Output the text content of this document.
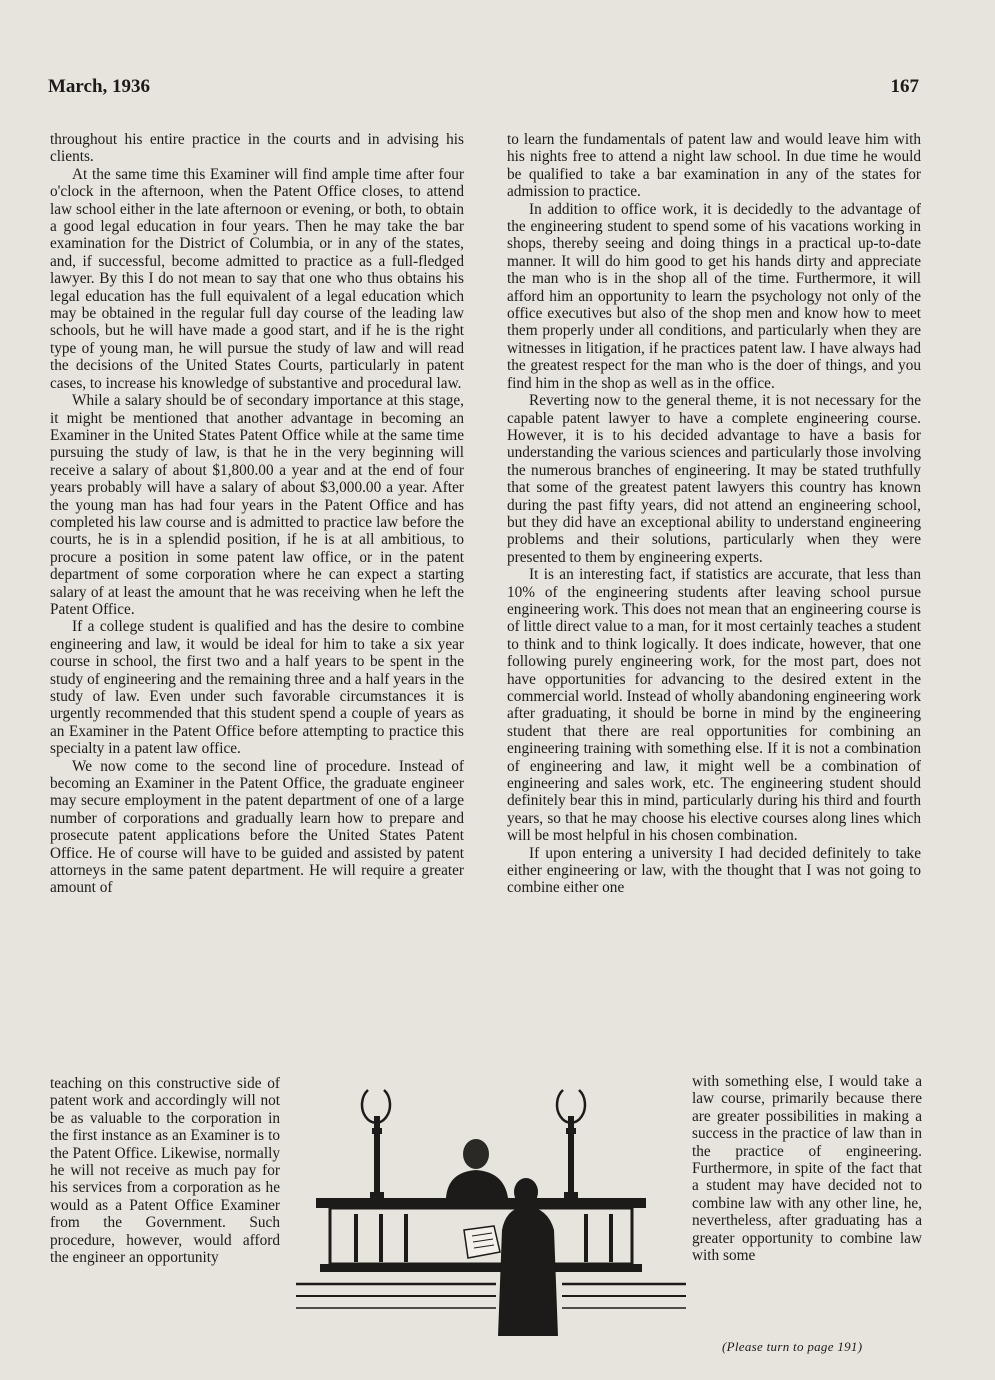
March, 1936	167

throughout his entire practice in the courts and in advising his clients.

At the same time this Examiner will find ample time after four o'clock in the afternoon, when the Patent Office closes, to attend law school either in the late afternoon or evening, or both, to obtain a good legal education in four years. Then he may take the bar examination for the District of Columbia, or in any of the states, and, if successful, become admitted to practice as a full-fledged lawyer. By this I do not mean to say that one who thus obtains his legal education has the full equivalent of a legal education which may be obtained in the regular full day course of the leading law schools, but he will have made a good start, and if he is the right type of young man, he will pursue the study of law and will read the decisions of the United States Courts, particularly in patent cases, to increase his knowledge of substantive and procedural law.

While a salary should be of secondary importance at this stage, it might be mentioned that another advantage in becoming an Examiner in the United States Patent Office while at the same time pursuing the study of law, is that he in the very beginning will receive a salary of about $1,800.00 a year and at the end of four years probably will have a salary of about $3,000.00 a year. After the young man has had four years in the Patent Office and has completed his law course and is admitted to practice law before the courts, he is in a splendid position, if he is at all ambitious, to procure a position in some patent law office, or in the patent department of some corporation where he can expect a starting salary of at least the amount that he was receiving when he left the Patent Office.

If a college student is qualified and has the desire to combine engineering and law, it would be ideal for him to take a six year course in school, the first two and a half years to be spent in the study of engineering and the remaining three and a half years in the study of law. Even under such favorable circumstances it is urgently recommended that this student spend a couple of years as an Examiner in the Patent Office before attempting to practice this specialty in a patent law office.

We now come to the second line of procedure. Instead of becoming an Examiner in the Patent Office, the graduate engineer may secure employment in the patent department of one of a large number of corporations and gradually learn how to prepare and prosecute patent applications before the United States Patent Office. He of course will have to be guided and assisted by patent attorneys in the same patent department. He will require a greater amount of

teaching on this constructive side of patent work and accordingly will not be as valuable to the corporation in the first instance as an Examiner is to the Patent Office. Likewise, normally he will not receive as much pay for his services from a corporation as he would as a Patent Office Examiner from the Government. Such procedure, however, would afford the engineer an opportunity

to learn the fundamentals of patent law and would leave him with his nights free to attend a night law school. In due time he would be qualified to take a bar examination in any of the states for admission to practice.

In addition to office work, it is decidedly to the advantage of the engineering student to spend some of his vacations working in shops, thereby seeing and doing things in a practical up-to-date manner. It will do him good to get his hands dirty and appreciate the man who is in the shop all of the time. Furthermore, it will afford him an opportunity to learn the psychology not only of the office executives but also of the shop men and know how to meet them properly under all conditions, and particularly when they are witnesses in litigation, if he practices patent law. I have always had the greatest respect for the man who is the doer of things, and you find him in the shop as well as in the office.

Reverting now to the general theme, it is not necessary for the capable patent lawyer to have a complete engineering course. However, it is to his decided advantage to have a basis for understanding the various sciences and particularly those involving the numerous branches of engineering. It may be stated truthfully that some of the greatest patent lawyers this country has known during the past fifty years, did not attend an engineering school, but they did have an exceptional ability to understand engineering problems and their solutions, particularly when they were presented to them by engineering experts.

It is an interesting fact, if statistics are accurate, that less than 10% of the engineering students after leaving school pursue engineering work. This does not mean that an engineering course is of little direct value to a man, for it most certainly teaches a student to think and to think logically. It does indicate, however, that one following purely engineering work, for the most part, does not have opportunities for advancing to the desired extent in the commercial world. Instead of wholly abandoning engineering work after graduating, it should be borne in mind by the engineering student that there are real opportunities for combining an engineering training with something else. If it is not a combination of engineering and law, it might well be a combination of engineering and sales work, etc. The engineering student should definitely bear this in mind, particularly during his third and fourth years, so that he may choose his elective courses along lines which will be most helpful in his chosen combination.

If upon entering a university I had decided definitely to take either engineering or law, with the thought that I was not going to combine either one

with something else, I would take a law course, primarily because there are greater possibilities in making a success in the practice of law than in the practice of engineering. Furthermore, in spite of the fact that a student may have decided not to combine law with any other line, he, nevertheless, after graduating has a greater opportunity to combine law with some

(Please turn to page 191)
